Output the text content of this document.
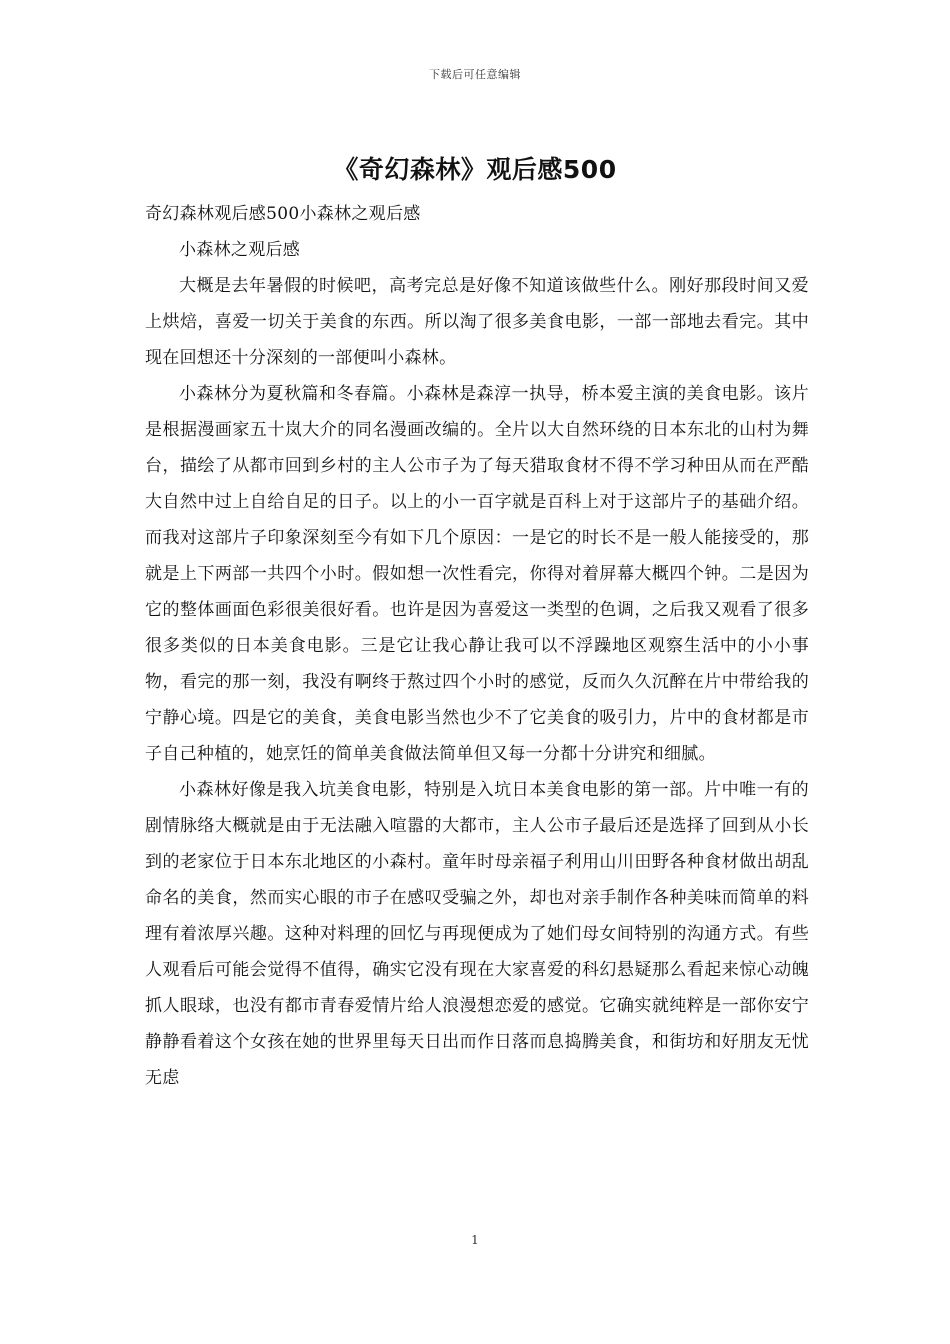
下载后可任意编辑
《奇幻森林》观后感500

奇幻森林观后感500小森林之观后感

小森林之观后感

大概是去年暑假的时候吧，高考完总是好像不知道该做些什么。刚好那段时间又爱上烘焙，喜爱一切关于美食的东西。所以淘了很多美食电影，一部一部地去看完。其中现在回想还十分深刻的一部便叫小森林。

小森林分为夏秋篇和冬春篇。小森林是森淳一执导，桥本爱主演的美食电影。该片是根据漫画家五十岚大介的同名漫画改编的。全片以大自然环绕的日本东北的山村为舞台，描绘了从都市回到乡村的主人公市子为了每天猎取食材不得不学习种田从而在严酷大自然中过上自给自足的日子。以上的小一百字就是百科上对于这部片子的基础介绍。而我对这部片子印象深刻至今有如下几个原因：一是它的时长不是一般人能接受的，那就是上下两部一共四个小时。假如想一次性看完，你得对着屏幕大概四个钟。二是因为它的整体画面色彩很美很好看。也许是因为喜爱这一类型的色调，之后我又观看了很多很多类似的日本美食电影。三是它让我心静让我可以不浮躁地区观察生活中的小小事物，看完的那一刻，我没有啊终于熬过四个小时的感觉，反而久久沉醉在片中带给我的宁静心境。四是它的美食，美食电影当然也少不了它美食的吸引力，片中的食材都是市子自己种植的，她烹饪的简单美食做法简单但又每一分都十分讲究和细腻。

小森林好像是我入坑美食电影，特别是入坑日本美食电影的第一部。片中唯一有的剧情脉络大概就是由于无法融入喧嚣的大都市，主人公市子最后还是选择了回到从小长到的老家位于日本东北地区的小森村。童年时母亲福子利用山川田野各种食材做出胡乱命名的美食，然而实心眼的市子在感叹受骗之外，却也对亲手制作各种美味而简单的料理有着浓厚兴趣。这种对料理的回忆与再现便成为了她们母女间特别的沟通方式。有些人观看后可能会觉得不值得，确实它没有现在大家喜爱的科幻悬疑那么看起来惊心动魄抓人眼球，也没有都市青春爱情片给人浪漫想恋爱的感觉。它确实就纯粹是一部你安宁静静看着这个女孩在她的世界里每天日出而作日落而息捣腾美食，和街坊和好朋友无忧无虑

1
